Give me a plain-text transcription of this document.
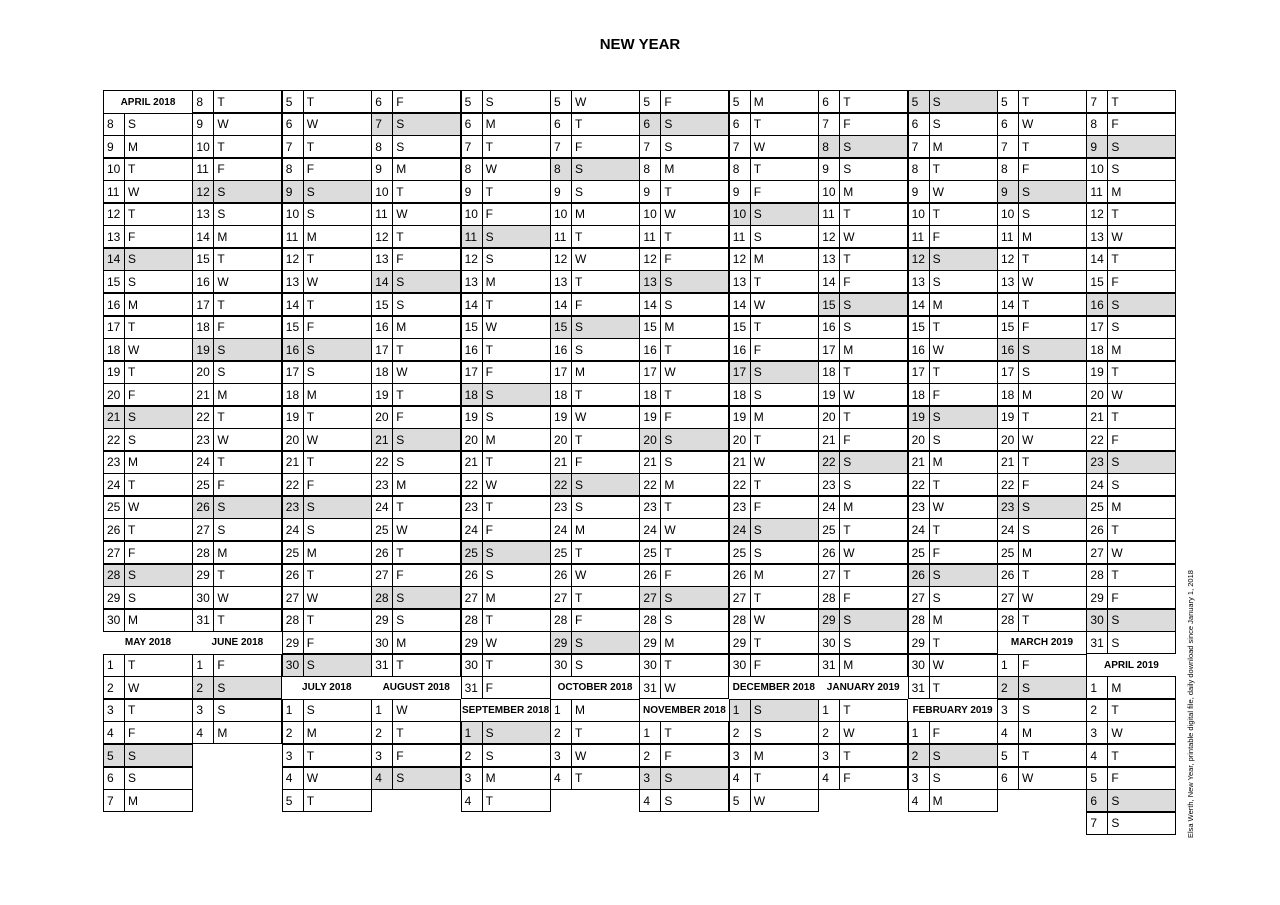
NEW YEAR
APRIL 2018
8	S
9	M
10 T
11 W
12 T
13 F
14 S
15 S
16 M
17 T
18 W
19 T
20 F
21 S
22 S
23 M
24 T
25 W
26 T
27 F
28 S
29 S
30 M
MAY 2018
1	T
2	W
3	T
4	F
5	S
6	S
7	M
8	T
9	W
10 T
11 F
12 S
13 S
14 M
15 T
16 W
17 T
18 F
19 S
20 S
21 M
22 T
23 W
24 T
25 F
26 S
27 S
28 M
29 T
30 W
31 T
JUNE 2018
1	F
2	S
3	S
4	M
5	T
6	W
7	T
8	F
9	S
10 S
11 M
12 T
13 W
14 T
15 F
16 S
17 S
18 M
19 T
20 W
21 T
22 F
23 S
24 S
25 M
26 T
27 W
28 T
29 F
30 S
JULY 2018
1	S
2	M
3	T
4	W
5	T
6	F
7	S
8	S
9	M
10 T
11 W
12 T
13 F
14 S
15 S
16 M
17 T
18 W
19 T
20 F
21 S
22 S
23 M
24 T
25 W
26 T
27 F
28 S
29 S
30 M
31 T
AUGUST 2018
1	W
2	T
3	F
4	S
5	S
6	M
7	T
8	W
9	T
10 F
11 S
12 S
13 M
14 T
15 W
16 T
17 F
18 S
19 S
20 M
21 T
22 W
23 T
24 F
25 S
26 S
27 M
28 T
29 W
30 T
31 F
SEPTEMBER 2018
1	S
2	S
3	M
4	T
5	W
6	T
7	F
8	S
9	S
10 M
11 T
12 W
13 T
14 F
15 S
16 S
17 M
18 T
19 W
20 T
21 F
22 S
23 S
24 M
25 T
26 W
27 T
28 F
29 S
30 S
OCTOBER 2018
1	M
2	T
3	W
4	T
5	F
6	S
7	S
8	M
9	T
10 W
11 T
12 F
13 S
14 S
15 M
16 T
17 W
18 T
19 F
20 S
21 S
22 M
23 T
24 W
25 T
26 F
27 S
28 S
29 M
30 T
31 W
NOVEMBER 2018
1	T
2	F
3	S
4	S
5	M
6	T
7	W
8	T
9	F
10 S
11 S
12 M
13 T
14 W
15 T
16 F
17 S
18 S
19 M
20 T
21 W
22 T
23 F
24 S
25 S
26 M
27 T
28 W
29 T
30 F
DECEMBER 2018
1	S
2	S
3	M
4	T
5	W
6	T
7	F
8	S
9	S
10 M
11 T
12 W
13 T
14 F
15 S
16 S
17 M
18 T
19 W
20 T
21 F
22 S
23 S
24 M
25 T
26 W
27 T
28 F
29 S
30 S
31 M
JANUARY 2019
1	T
2	W
3	T
4	F
5	S
6	S
7	M
8	T
9	W
10 T
11 F
12 S
13 S
14 M
15 T
16 W
17 T
18 F
19 S
20 S
21 M
22 T
23 W
24 T
25 F
26 S
27 S
28 M
29 T
30 W
31 T
FEBRUARY 2019
1	F
2	S
3	S
4	M
5	T
6	W
7	T
8	F
9	S
10 S
11 M
12 T
13 W
14 T
15 F
16 S
17 S
18 M
19 T
20 W
21 T
22 F
23 S
24 S
25 M
26 T
27 W
28 T
MARCH 2019
1	F
2	S
3	S
4	M
5	T
6	W
7	T
8	F
9	S
10 S
11 M
12 T
13 W
14 T
15 F
16 S
17 S
18 M
19 T
20 W
21 T
22 F
23 S
24 S
25 M
26 T
27 W
28 T
29 F
30 S
31 S
APRIL 2019
1	M
2	T
3	W
4	T
5	F
6	S
7	S	Elsa Werth, New Year, printable digital file, daily download since January 1, 2018
